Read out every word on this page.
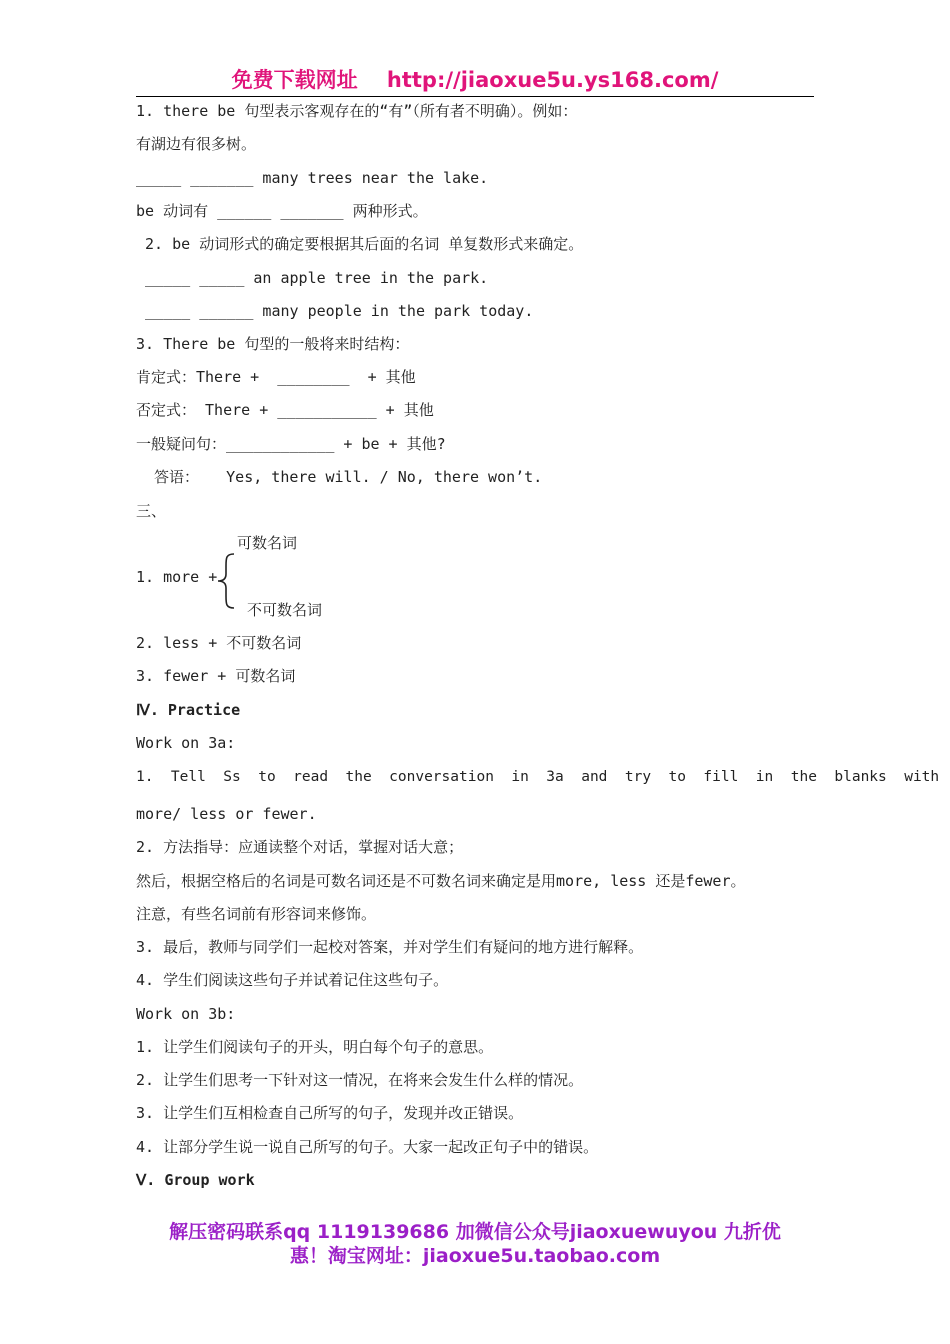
免费下载网址 http://jiaoxue5u.ys168.com/
1. there be 句型表示客观存在的“有”（所有者不明确）。例如：
有湖边有很多树。
_____ _______ many trees near the lake.
be 动词有 ______ _______ 两种形式。
2. be 动词形式的确定要根据其后面的名词 单复数形式来确定。
_____ _____ an apple tree in the park.
_____ ______ many people in the park today.
3. There be 句型的一般将来时结构：
肯定式：There +  ________  + 其他
否定式： There + ___________ + 其他
一般疑问句：____________ + be + 其他?
答语：   Yes, there will. / No, there won’t.
三、
可数名词
1. more +
不可数名词
2. less + 不可数名词
3. fewer + 可数名词
Ⅳ. Practice
Work on 3a:
1.  Tell  Ss  to  read  the  conversation  in  3a  and  try  to  fill  in  the  blanks  with
more/ less or fewer.
2. 方法指导：应通读整个对话，掌握对话大意；
然后，根据空格后的名词是可数名词还是不可数名词来确定是用more, less 还是fewer。
注意，有些名词前有形容词来修饰。
3. 最后，教师与同学们一起校对答案，并对学生们有疑问的地方进行解释。
4. 学生们阅读这些句子并试着记住这些句子。
Work on 3b:
1. 让学生们阅读句子的开头，明白每个句子的意思。
2. 让学生们思考一下针对这一情况，在将来会发生什么样的情况。
3. 让学生们互相检查自己所写的句子，发现并改正错误。
4. 让部分学生说一说自己所写的句子。大家一起改正句子中的错误。
Ⅴ. Group work
解压密码联系qq 1119139686 加微信公众号jiaoxuewuyou 九折优
惠！淘宝网址：jiaoxue5u.taobao.com
